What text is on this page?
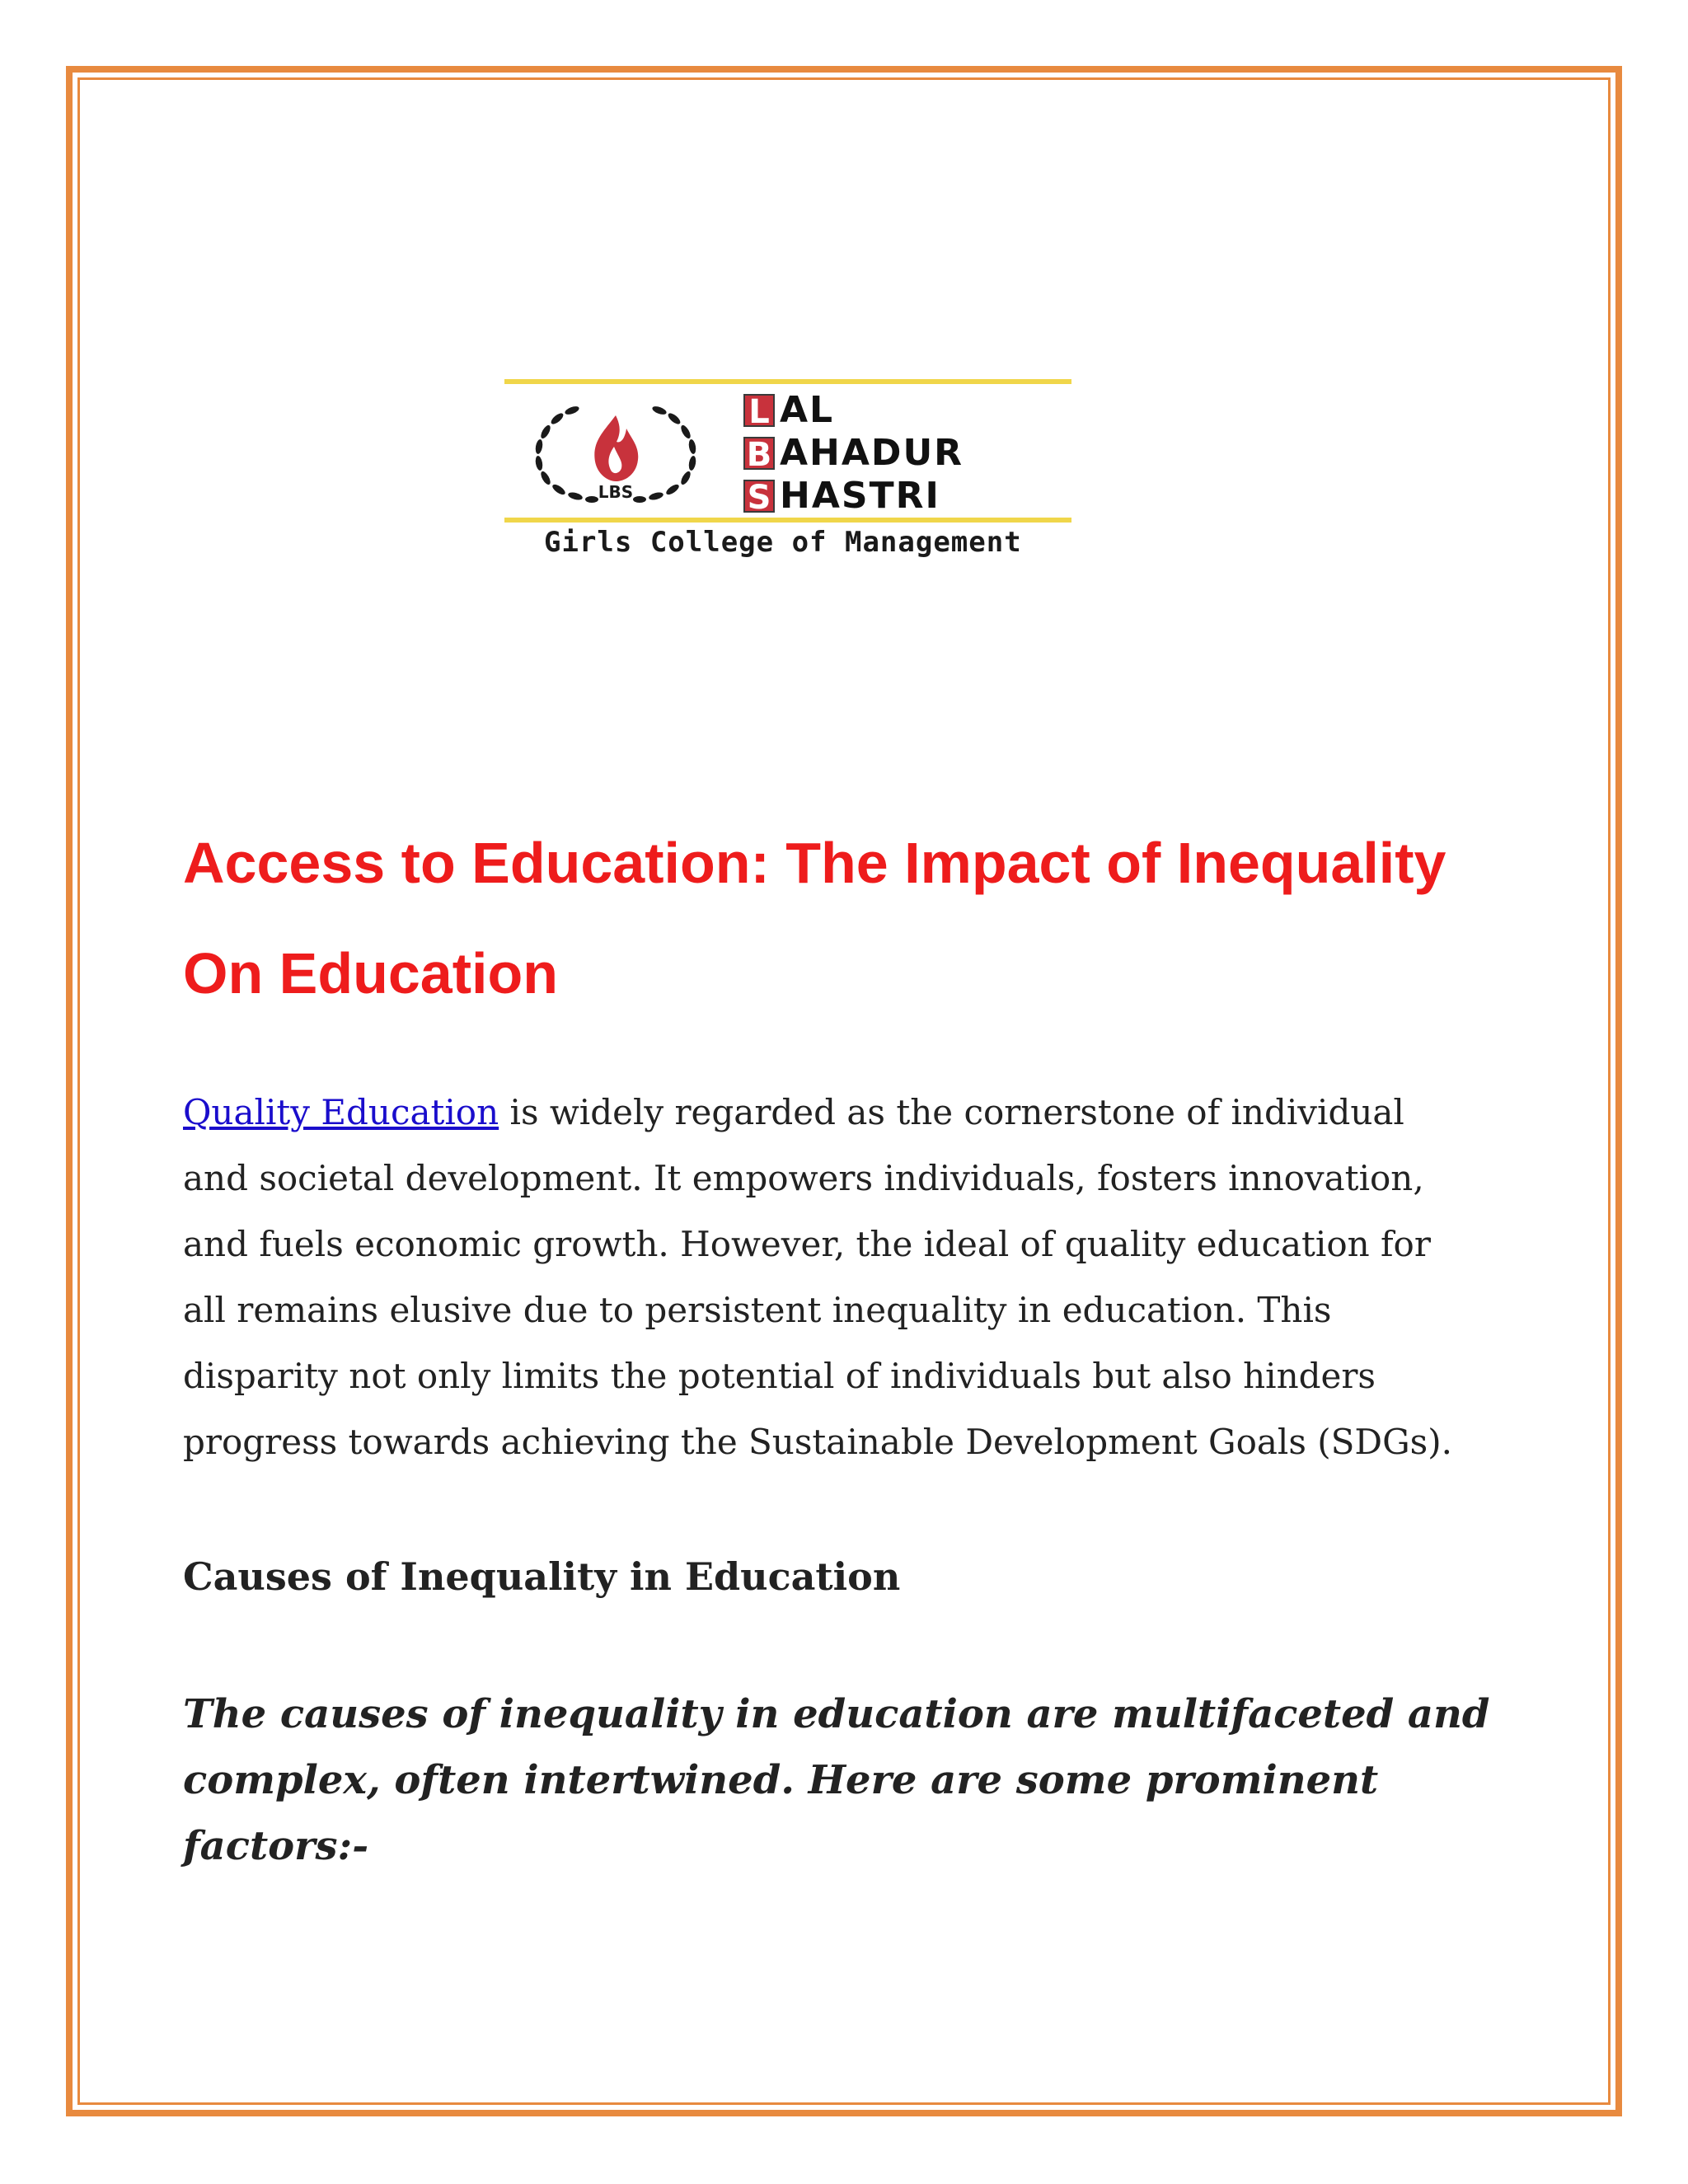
LBS
L AL
B AHADUR
S HASTRI
Girls College of Management
Access to Education: The Impact of Inequality On Education

Quality Education is widely regarded as the cornerstone of individual
and societal development. It empowers individuals, fosters innovation,
and fuels economic growth. However, the ideal of quality education for
all remains elusive due to persistent inequality in education. This
disparity not only limits the potential of individuals but also hinders
progress towards achieving the Sustainable Development Goals (SDGs).

Causes of Inequality in Education

The causes of inequality in education are multifaceted and
complex, often intertwined. Here are some prominent
factors:-
